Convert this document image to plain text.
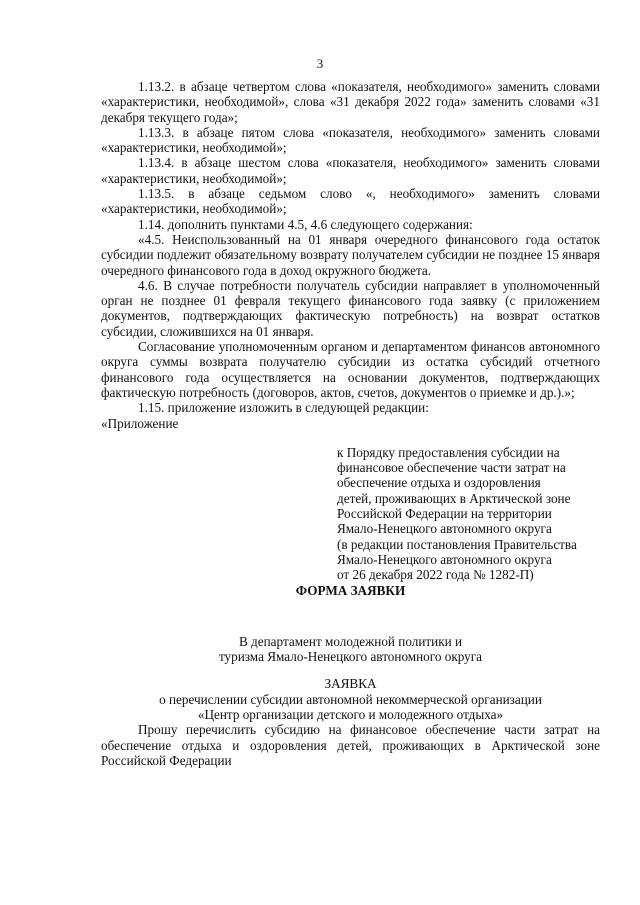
3

1.13.2. в абзаце четвертом слова «показателя, необходимого» заменить словами «характеристики, необходимой», слова «31 декабря 2022 года» заменить словами «31 декабря текущего года»;

1.13.3. в абзаце пятом слова «показателя, необходимого» заменить словами «характеристики, необходимой»;

1.13.4. в абзаце шестом слова «показателя, необходимого» заменить словами «характеристики, необходимой»;

1.13.5. в абзаце седьмом слово «, необходимого» заменить словами «характеристики, необходимой»;

1.14. дополнить пунктами 4.5, 4.6 следующего содержания:

«4.5. Неиспользованный на 01 января очередного финансового года остаток субсидии подлежит обязательному возврату получателем субсидии не позднее 15 января очередного финансового года в доход окружного бюджета.

4.6. В случае потребности получатель субсидии направляет в уполномоченный орган не позднее 01 февраля текущего финансового года заявку (с приложением документов, подтверждающих фактическую потребность) на возврат остатков субсидии, сложившихся на 01 января.

Согласование уполномоченным органом и департаментом финансов автономного округа суммы возврата получателю субсидии из остатка субсидий отчетного финансового года осуществляется на основании документов, подтверждающих фактическую потребность (договоров, актов, счетов, документов о приемке и др.).»;

1.15. приложение изложить в следующей редакции:

«Приложение

к Порядку предоставления субсидии на

финансовое обеспечение части затрат на

обеспечение отдыха и оздоровления

детей, проживающих в Арктической зоне

Российской Федерации на территории

Ямало-Ненецкого автономного округа

(в редакции постановления Правительства

Ямало-Ненецкого автономного округа

от 26 декабря 2022 года № 1282-П)

ФОРМА ЗАЯВКИ

В департамент молодежной политики и

туризма Ямало-Ненецкого автономного округа

ЗАЯВКА

о перечислении субсидии автономной некоммерческой организации

«Центр организации детского и молодежного отдыха»

Прошу перечислить субсидию на финансовое обеспечение части затрат на обеспечение отдыха и оздоровления детей, проживающих в Арктической зоне Российской Федерации
